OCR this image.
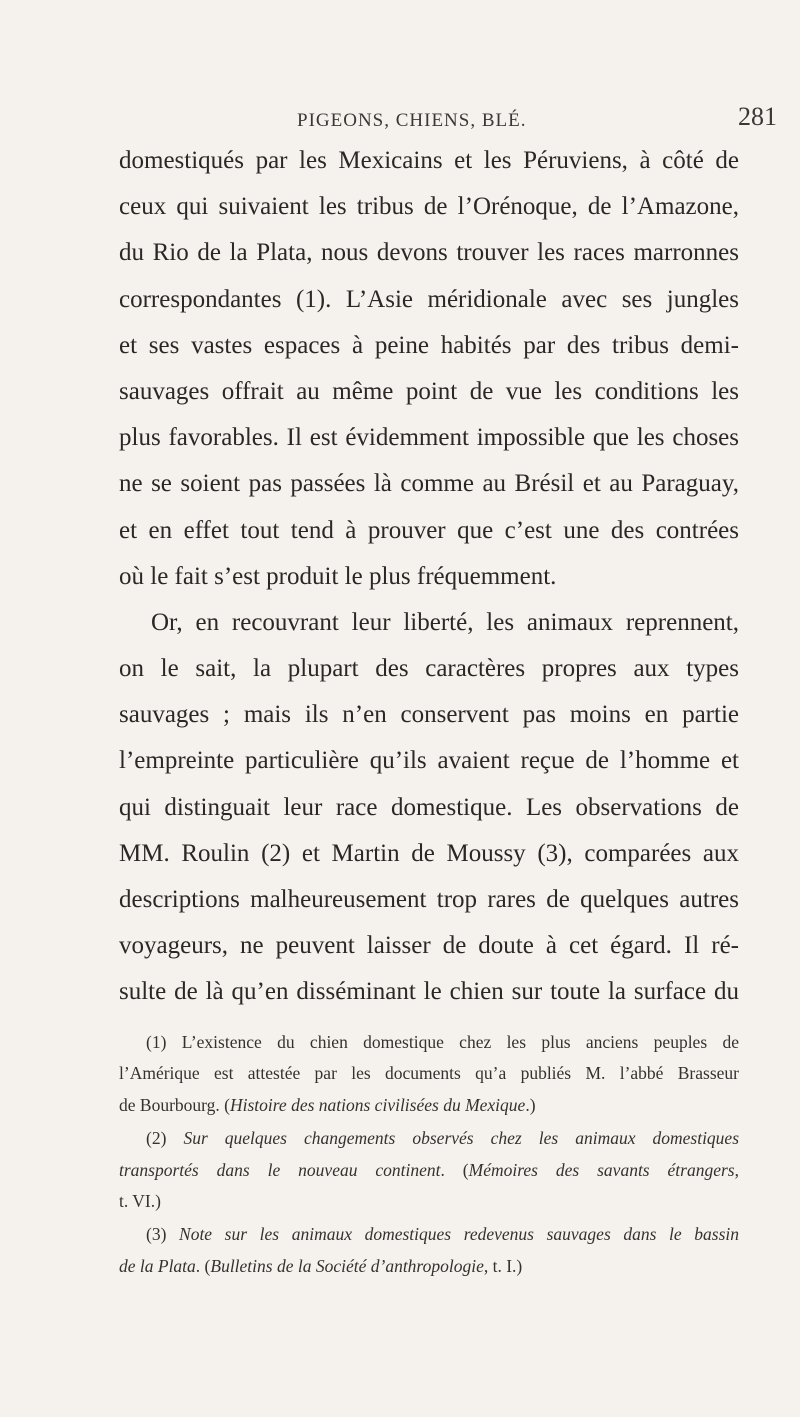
PIGEONS, CHIENS, BLÉ.	281
domestiqués par les Mexicains et les Péruviens, à côté de
ceux qui suivaient les tribus de l’Orénoque, de l’Amazone,
du Rio de la Plata, nous devons trouver les races marronnes
correspondantes (1). L’Asie méridionale avec ses jungles
et ses vastes espaces à peine habités par des tribus demi-
sauvages offrait au même point de vue les conditions les
plus favorables. Il est évidemment impossible que les choses
ne se soient pas passées là comme au Brésil et au Paraguay,
et en effet tout tend à prouver que c’est une des contrées
où le fait s’est produit le plus fréquemment.
Or, en recouvrant leur liberté, les animaux reprennent,
on le sait, la plupart des caractères propres aux types
sauvages ; mais ils n’en conservent pas moins en partie
l’empreinte particulière qu’ils avaient reçue de l’homme et
qui distinguait leur race domestique. Les observations de
MM. Roulin (2) et Martin de Moussy (3), comparées aux
descriptions malheureusement trop rares de quelques autres
voyageurs, ne peuvent laisser de doute à cet égard. Il ré-
sulte de là qu’en disséminant le chien sur toute la surface du
(1) L’existence du chien domestique chez les plus anciens peuples de
l’Amérique est attestée par les documents qu’a publiés M. l’abbé Brasseur
de Bourbourg. (Histoire des nations civilisées du Mexique.)
(2) Sur quelques changements observés chez les animaux domestiques
transportés dans le nouveau continent. (Mémoires des savants étrangers,
t. VI.)
(3) Note sur les animaux domestiques redevenus sauvages dans le bassin
de la Plata. (Bulletins de la Société d’anthropologie, t. I.)
